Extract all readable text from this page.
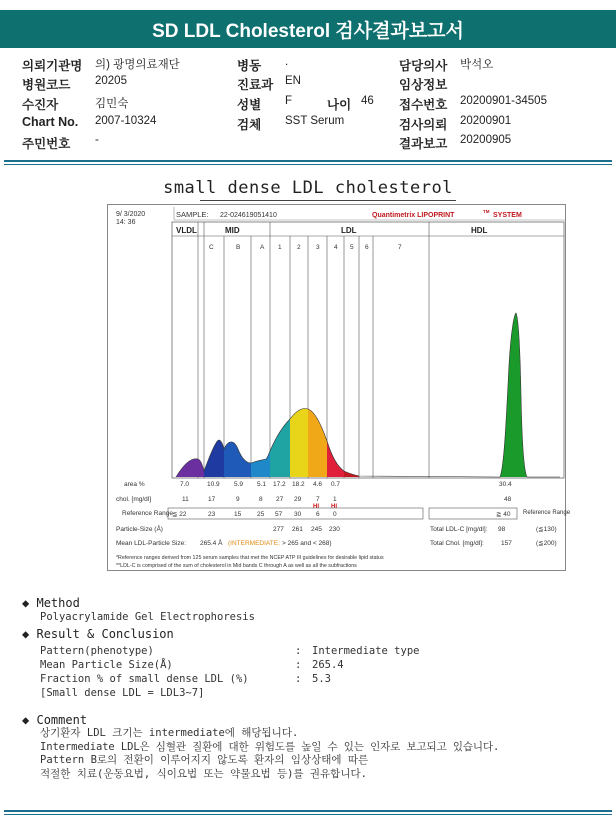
SD LDL Cholesterol 검사결과보고서
의뢰기관명 의) 광명의료재단
병원코드 20205
수진자	김민숙
Chart No. 2007-10324
주민번호 -
병동 .
진료과 EN
성별 F	나이 46
검체 SST Serum
담당의사 박석오
임상정보
접수번호 20200901-34505
검사의뢰 20200901
결과보고 20200905
small dense LDL cholesterol
9/ 3/2020
14: 36
SAMPLE: 22-024619051410	Quantimetrix LIPOPRINT
TM
SYSTEM
VLDL	MID	LDL	HDL
C	B	A 1 2 3 4 5 6	7
area %	7.0	10.9 5.9 5.1 17.2 18.2 4.6 0.7	30.4
chol. [mg/dl]	11	17	9	8 27 29 7 1	48
HI HI
Reference Range ≦ 22	23	15 25 57 30 6 0	≧ 40 Reference Range
Particle-Size (Å)	277 261 245 230	Total LDL-C [mg/dl]: 98	(≦130)
Mean LDL-Particle Size: 265.4 Å (INTERMEDIATE; > 265 and < 268)	Total Chol. [mg/dl]:	157	(≦200)
*Reference ranges derived from 125 serum samples that met the NCEP ATP III guidelines for desirable lipid status
**LDL-C is comprised of the sum of cholesterol in Mid bands C through A as well as all the subfractions
◆ Method
Polyacrylamide Gel Electrophoresis
◆ Result & Conclusion
Pattern(phenotype)	: Intermediate type
Mean Particle Size(Å)	: 265.4
Fraction % of small dense LDL (%)	: 5.3
[Small dense LDL = LDL3~7]
◆ Comment
상기환자 LDL 크기는 intermediate에 해당됩니다.
Intermediate LDL은 심혈관 질환에 대한 위험도를 높일 수 있는 인자로 보고되고 있습니다.
Pattern B로의 전환이 이루어지지 않도록 환자의 임상상태에 따른
적절한 치료(운동요법, 식이요법 또는 약물요법 등)를 권유합니다.
